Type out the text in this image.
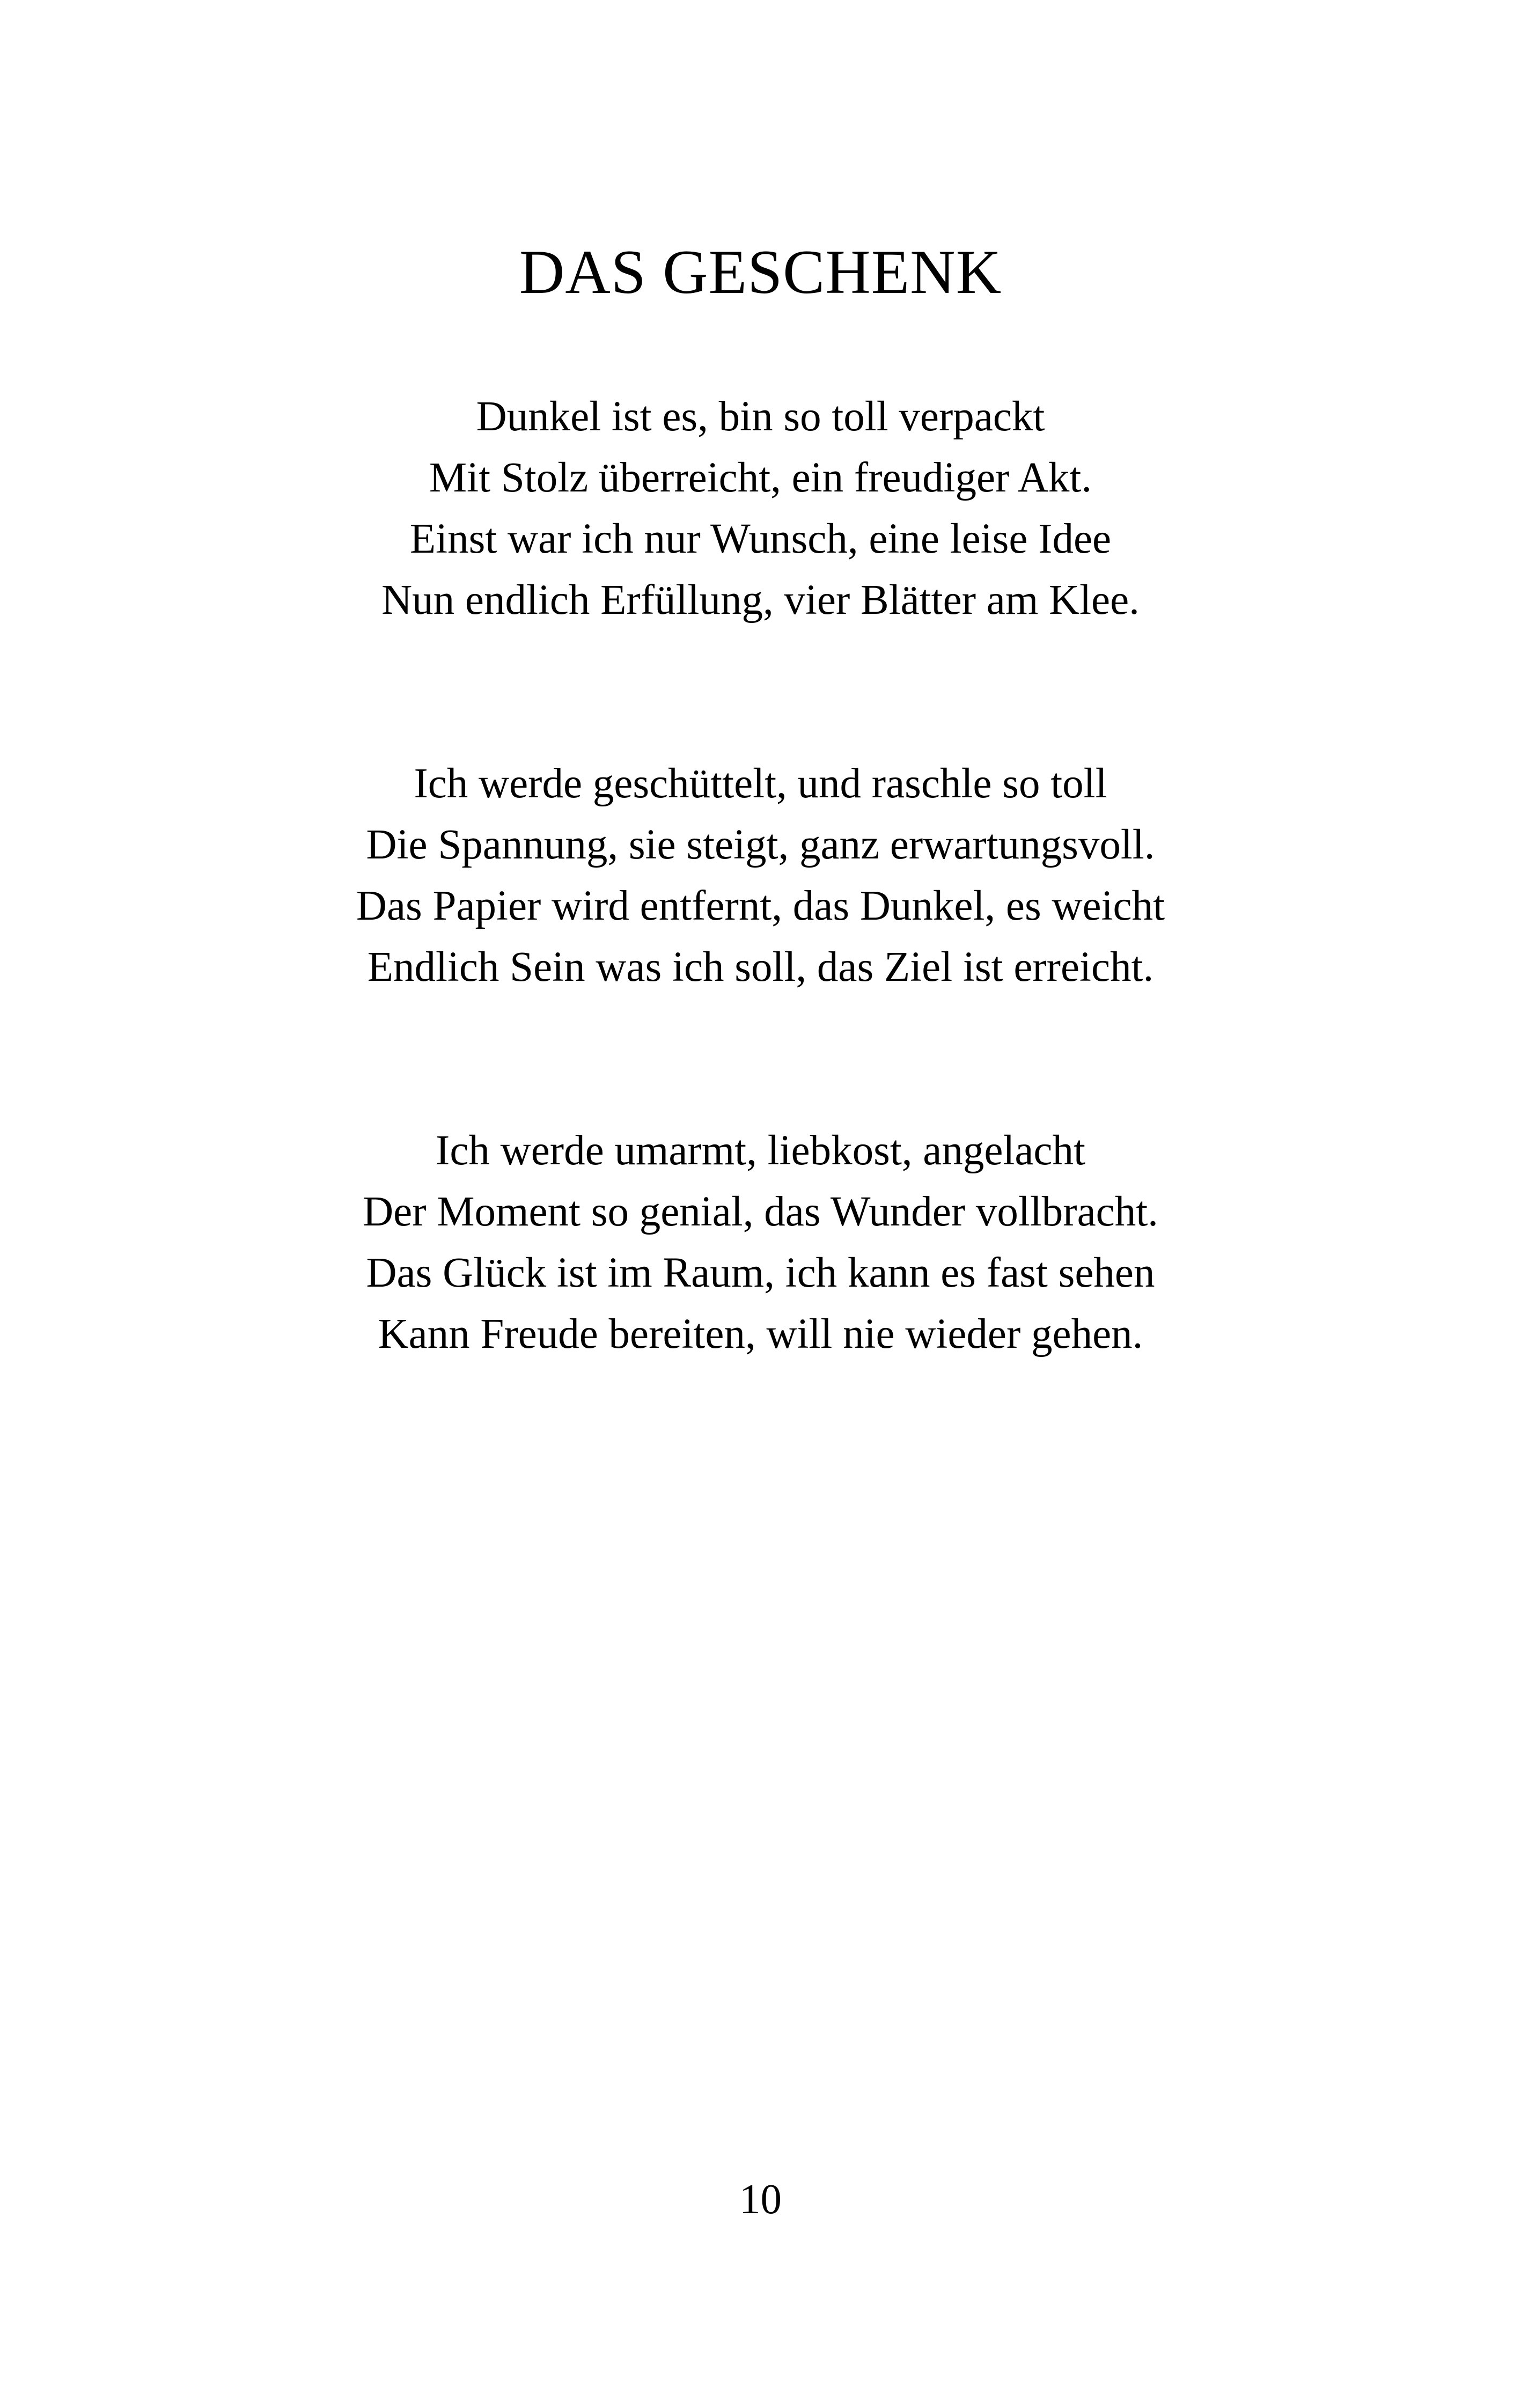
DAS GESCHENK
Dunkel ist es, bin so toll verpackt
Mit Stolz überreicht, ein freudiger Akt.
Einst war ich nur Wunsch, eine leise Idee
Nun endlich Erfüllung, vier Blätter am Klee.
Ich werde geschüttelt, und raschle so toll
Die Spannung, sie steigt, ganz erwartungsvoll.
Das Papier wird entfernt, das Dunkel, es weicht
Endlich Sein was ich soll, das Ziel ist erreicht.
Ich werde umarmt, liebkost, angelacht
Der Moment so genial, das Wunder vollbracht.
Das Glück ist im Raum, ich kann es fast sehen
Kann Freude bereiten, will nie wieder gehen.
10
